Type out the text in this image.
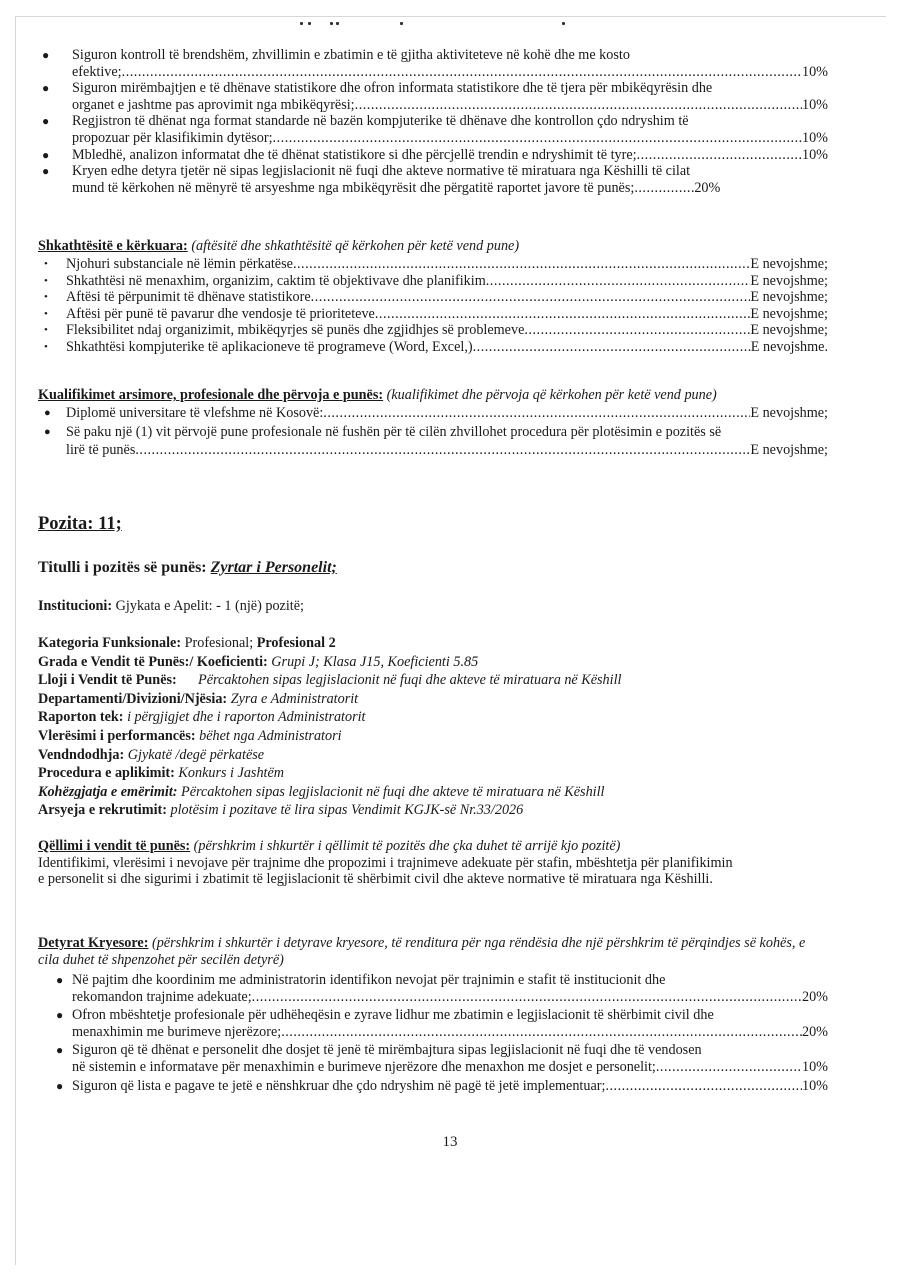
● Siguron kontroll të brendshëm, zhvillimin e zbatimin e të gjitha aktiviteteve në kohë dhe me kosto
efektive; .....	10%
● Siguron mirëmbajtjen e të dhënave statistikore dhe ofron informata statistikore dhe të tjera për mbikëqyrësin dhe
organet e jashtme pas aprovimit nga mbikëqyrësi; .....	10%
● Regjistron të dhënat nga format standarde në bazën kompjuterike të dhënave dhe kontrollon çdo ndryshim të
propozuar për klasifikimin dytësor; .....	10%
● Mbledhë, analizon informatat dhe të dhënat statistikore si dhe përcjellë trendin e ndryshimit të tyre; .....	10%
● Kryen edhe detyra tjetër në sipas legjislacionit në fuqi dhe akteve normative të miratuara nga Këshilli të cilat
mund të kërkohen në mënyrë të arsyeshme nga mbikëqyrësit dhe përgatitë raportet javore të punës; .....	20%
Shkathtësitë e kërkuara: (aftësitë dhe shkathtësitë që kërkohen për ketë vend pune)
• Njohuri substanciale në lëmin përkatëse .....	E nevojshme;
• Shkathtësi në menaxhim, organizim, caktim të objektivave dhe planifikim .....	E nevojshme;
• Aftësi të përpunimit të dhënave statistikore .....	E nevojshme;
• Aftësi për punë të pavarur dhe vendosje të prioriteteve .....	E nevojshme;
• Fleksibilitet ndaj organizimit, mbikëqyrjes së punës dhe zgjidhjes së problemeve .....	E nevojshme;
• Shkathtësi kompjuterike të aplikacioneve të programeve (Word, Excel,) .....	E nevojshme.
Kualifikimet arsimore, profesionale dhe përvoja e punës: (kualifikimet dhe përvoja që kërkohen për ketë vend pune)
● Diplomë universitare të vlefshme në Kosovë: .....	E nevojshme;
● Së paku një (1) vit përvojë pune profesionale në fushën për të cilën zhvillohet procedura për plotësimin e pozitës së
lirë të punës .....	E nevojshme;
Pozita: 11;
Titulli i pozitës së punës: Zyrtar i Personelit;
Institucioni: Gjykata e Apelit: - 1 (një) pozitë;
Kategoria Funksionale: Profesional; Profesional 2
Grada e Vendit të Punës:/ Koeficienti: Grupi J; Klasa J15, Koeficienti 5.85
Lloji i Vendit të Punës: Përcaktohen sipas legjislacionit në fuqi dhe akteve të miratuara në Këshill
Departamenti/Divizioni/Njësia: Zyra e Administratorit
Raporton tek: i përgjigjet dhe i raporton Administratorit
Vlerësimi i performancës: bëhet nga Administratori
Vendndodhja: Gjykatë /degë përkatëse
Procedura e aplikimit: Konkurs i Jashtëm
Kohëzgjatja e emërimit: Përcaktohen sipas legjislacionit në fuqi dhe akteve të miratuara në Këshill
Arsyeja e rekrutimit: plotësim i pozitave të lira sipas Vendimit KGJK-së Nr.33/2026
Qëllimi i vendit të punës: (përshkrim i shkurtër i qëllimit të pozitës dhe çka duhet të arrijë kjo pozitë)
Identifikimi, vlerësimi i nevojave për trajnime dhe propozimi i trajnimeve adekuate për stafin, mbështetja për planifikimin e personelit si dhe sigurimi i zbatimit të legjislacionit të shërbimit civil dhe akteve normative të miratuara nga Këshilli.
Detyrat Kryesore: (përshkrim i shkurtër i detyrave kryesore, të renditura për nga rëndësia dhe një përshkrim të përqindjes së kohës, e cila duhet të shpenzohet për secilën detyrë)
● Në pajtim dhe koordinim me administratorin identifikon nevojat për trajnimin e stafit të institucionit dhe
rekomandon trajnime adekuate; .....	20%
● Ofron mbështetje profesionale për udhëheqësin e zyrave lidhur me zbatimin e legjislacionit të shërbimit civil dhe
menaxhimin me burimeve njerëzore; .....	20%
● Siguron që të dhënat e personelit dhe dosjet të jenë të mirëmbajtura sipas legjislacionit në fuqi dhe të vendosen
në sistemin e informatave për menaxhimin e burimeve njerëzore dhe menaxhon me dosjet e personelit; .....	10%
● Siguron që lista e pagave te jetë e nënshkruar dhe çdo ndryshim në pagë të jetë implementuar; .....	10%
13
